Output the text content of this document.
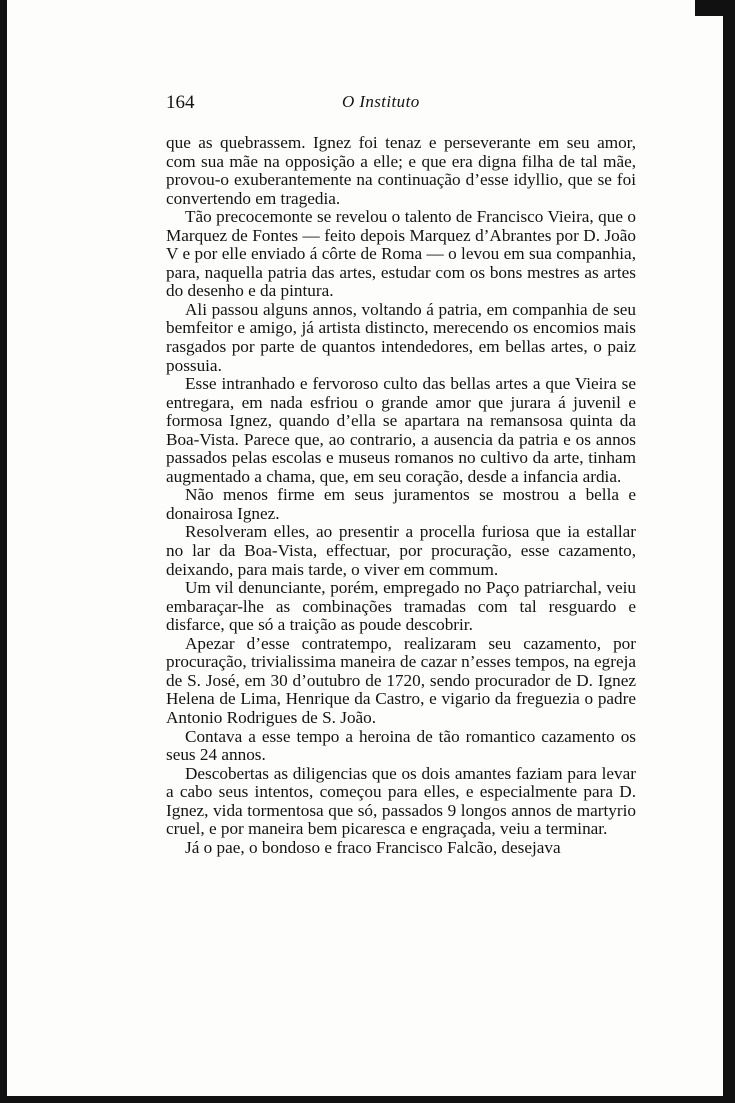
164	O Instituto

que as quebrassem. Ignez foi tenaz e perseverante em seu amor, com sua mãe na opposição a elle; e que era digna filha de tal mãe, provou-o exuberantemente na continuação d’esse idyllio, que se foi convertendo em tragedia.

Tão precocemonte se revelou o talento de Francisco Vieira, que o Marquez de Fontes — feito depois Marquez d’Abrantes por D. João V e por elle enviado á côrte de Roma — o levou em sua companhia, para, naquella patria das artes, estudar com os bons mestres as artes do desenho e da pintura.

Ali passou alguns annos, voltando á patria, em companhia de seu bemfeitor e amigo, já artista distincto, merecendo os encomios mais rasgados por parte de quantos intendedores, em bellas artes, o paiz possuia.

Esse intranhado e fervoroso culto das bellas artes a que Vieira se entregara, em nada esfriou o grande amor que jurara á juvenil e formosa Ignez, quando d’ella se apartara na remansosa quinta da Boa-Vista. Parece que, ao contrario, a ausencia da patria e os annos passados pelas escolas e museus romanos no cultivo da arte, tinham augmentado a chama, que, em seu coração, desde a infancia ardia.

Não menos firme em seus juramentos se mostrou a bella e donairosa Ignez.

Resolveram elles, ao presentir a procella furiosa que ia estallar no lar da Boa-Vista, effectuar, por procuração, esse cazamento, deixando, para mais tarde, o viver em commum.

Um vil denunciante, porém, empregado no Paço patriarchal, veiu embaraçar-lhe as combinações tramadas com tal resguardo e disfarce, que só a traição as poude descobrir.

Apezar d’esse contratempo, realizaram seu cazamento, por procuração, trivialissima maneira de cazar n’esses tempos, na egreja de S. José, em 30 d’outubro de 1720, sendo procurador de D. Ignez Helena de Lima, Henrique da Castro, e vigario da freguezia o padre Antonio Rodrigues de S. João.

Contava a esse tempo a heroina de tão romantico cazamento os seus 24 annos.

Descobertas as diligencias que os dois amantes faziam para levar a cabo seus intentos, começou para elles, e especialmente para D. Ignez, vida tormentosa que só, passados 9 longos annos de martyrio cruel, e por maneira bem picaresca e engraçada, veiu a terminar.

Já o pae, o bondoso e fraco Francisco Falcão, desejava
